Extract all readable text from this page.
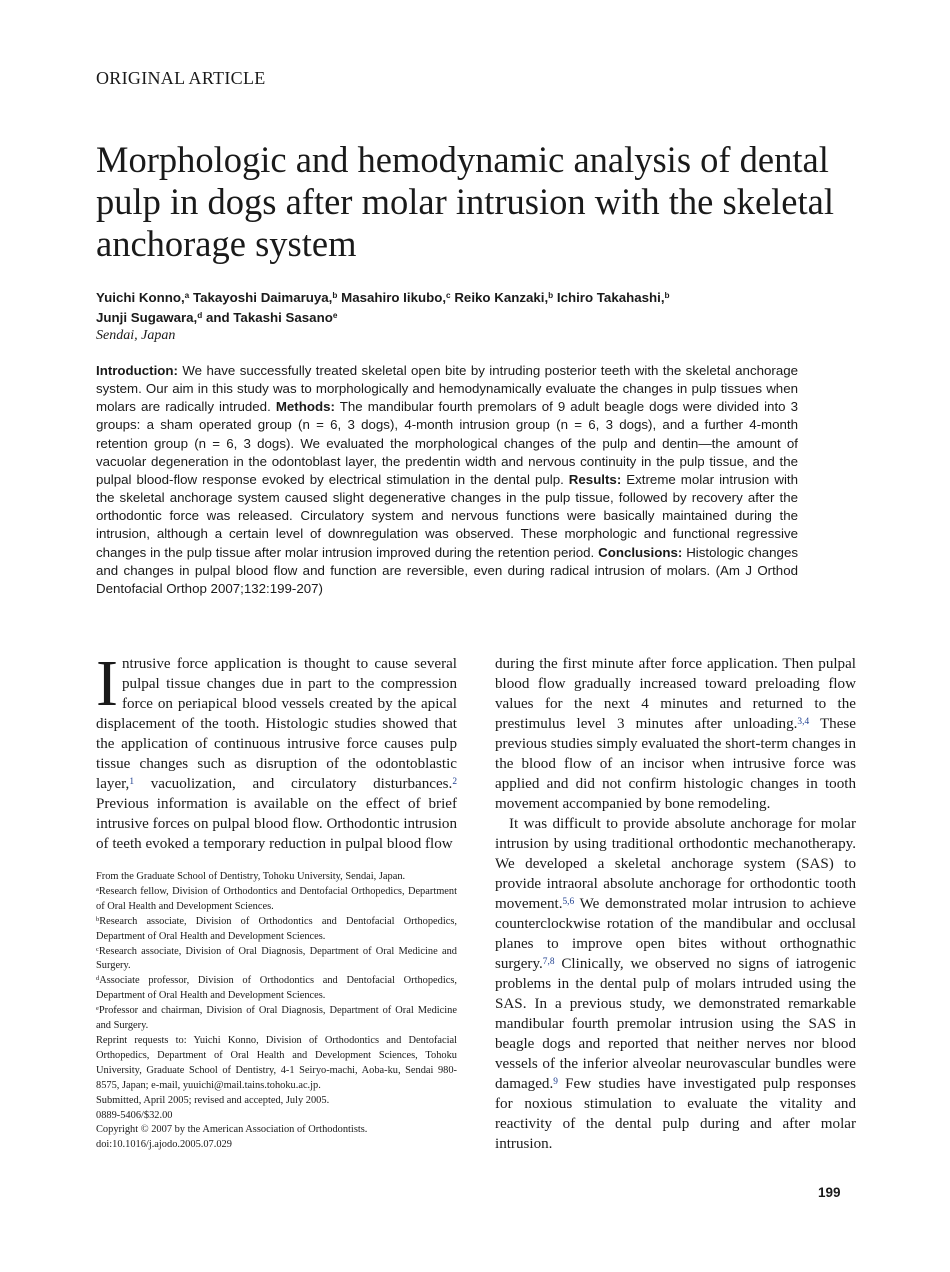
ORIGINAL ARTICLE
Morphologic and hemodynamic analysis of dental pulp in dogs after molar intrusion with the skeletal anchorage system
Yuichi Konno,$^a$ Takayoshi Daimaruya,$^b$ Masahiro Iikubo,$^c$ Reiko Kanzaki,$^b$ Ichiro Takahashi,$^b$
Junji Sugawara,$^d$ and Takashi Sasano$^e$
Sendai, Japan
Introduction: We have successfully treated skeletal open bite by intruding posterior teeth with the skeletal anchorage system. Our aim in this study was to morphologically and hemodynamically evaluate the changes in pulp tissues when molars are radically intruded. Methods: The mandibular fourth premolars of 9 adult beagle dogs were divided into 3 groups: a sham operated group (n = 6, 3 dogs), 4-month intrusion group (n = 6, 3 dogs), and a further 4-month retention group (n = 6, 3 dogs). We evaluated the morphological changes of the pulp and dentin—the amount of vacuolar degeneration in the odontoblast layer, the predentin width and nervous continuity in the pulp tissue, and the pulpal blood-flow response evoked by electrical stimulation in the dental pulp. Results: Extreme molar intrusion with the skeletal anchorage system caused slight degenerative changes in the pulp tissue, followed by recovery after the orthodontic force was released. Circulatory system and nervous functions were basically maintained during the intrusion, although a certain level of downregulation was observed. These morphologic and functional regressive changes in the pulp tissue after molar intrusion improved during the retention period. Conclusions: Histologic changes and changes in pulpal blood flow and function are reversible, even during radical intrusion of molars. (Am J Orthod Dentofacial Orthop 2007;132:199-207)

I ntrusive force application is thought to cause several pulpal tissue changes due in part to the compression force on periapical blood vessels created by the apical displacement of the tooth. Histologic studies showed that the application of continuous intrusive force causes pulp tissue changes such as disruption of the odontoblastic layer,$^1$ vacuolization, and circulatory disturbances.$^2$ Previous information is available on the effect of brief intrusive forces on pulpal blood flow. Orthodontic intrusion of teeth evoked a temporary reduction in pulpal blood flow

during the first minute after force application. Then pulpal blood flow gradually increased toward preloading flow values for the next 4 minutes and returned to the prestimulus level 3 minutes after unloading.$^{3,4}$ These previous studies simply evaluated the short-term changes in the blood flow of an incisor when intrusive force was applied and did not confirm histologic changes in tooth movement accompanied by bone remodeling.

It was difficult to provide absolute anchorage for molar intrusion by using traditional orthodontic mechanotherapy. We developed a skeletal anchorage system (SAS) to provide intraoral absolute anchorage for orthodontic tooth movement.$^{5,6}$ We demonstrated molar intrusion to achieve counterclockwise rotation of the mandibular and occlusal planes to improve open bites without orthognathic surgery.$^{7,8}$ Clinically, we observed no signs of iatrogenic problems in the dental pulp of molars intruded using the SAS. In a previous study, we demonstrated remarkable mandibular fourth premolar intrusion using the SAS in beagle dogs and reported that neither nerves nor blood vessels of the inferior alveolar neurovascular bundles were damaged.$^9$ Few studies have investigated pulp responses for noxious stimulation to evaluate the vitality and reactivity of the dental pulp during and after molar intrusion.

From the Graduate School of Dentistry, Tohoku University, Sendai, Japan.

$^a$Research fellow, Division of Orthodontics and Dentofacial Orthopedics, Department of Oral Health and Development Sciences.

$^b$Research associate, Division of Orthodontics and Dentofacial Orthopedics, Department of Oral Health and Development Sciences.

$^c$Research associate, Division of Oral Diagnosis, Department of Oral Medicine and Surgery.

$^d$Associate professor, Division of Orthodontics and Dentofacial Orthopedics, Department of Oral Health and Development Sciences.

$^e$Professor and chairman, Division of Oral Diagnosis, Department of Oral Medicine and Surgery.

Reprint requests to: Yuichi Konno, Division of Orthodontics and Dentofacial Orthopedics, Department of Oral Health and Development Sciences, Tohoku University, Graduate School of Dentistry, 4-1 Seiryo-machi, Aoba-ku, Sendai 980-8575, Japan; e-mail, yuuichi@mail.tains.tohoku.ac.jp.

Submitted, April 2005; revised and accepted, July 2005.

0889-5406/$32.00

Copyright © 2007 by the American Association of Orthodontists.

doi:10.1016/j.ajodo.2005.07.029

199
